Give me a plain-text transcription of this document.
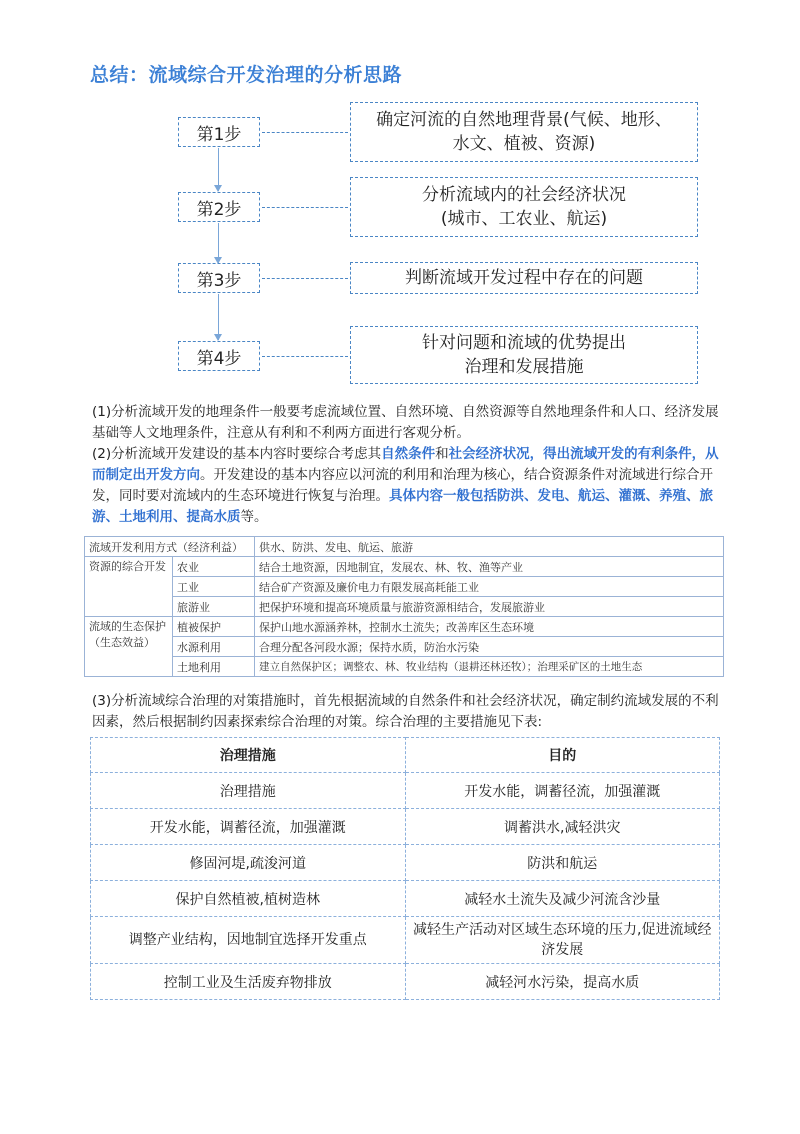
总结：流域综合开发治理的分析思路
第1步
确定河流的自然地理背景(气候、地形、
水文、植被、资源)
第2步
分析流域内的社会经济状况
(城市、工农业、航运)
第3步	判断流域开发过程中存在的问题
第4步
针对问题和流域的优势提出
治理和发展措施
(1)分析流域开发的地理条件一般要考虑流域位置、自然环境、自然资源等自然地理条件和人口、经济发展基础等人文地理条件，注意从有利和不利两方面进行客观分析。
(2)分析流域开发建设的基本内容时要综合考虑其自然条件和社会经济状况，得出流域开发的有利条件，从而制定出开发方向。开发建设的基本内容应以河流的利用和治理为核心，结合资源条件对流域进行综合开发，同时要对流域内的生态环境进行恢复与治理。具体内容一般包括防洪、发电、航运、灌溉、养殖、旅游、土地利用、提高水质等。
流域开发利用方式（经济利益）		供水、防洪、发电、航运、旅游
资源的综合开发	农业	结合土地资源，因地制宜，发展农、林、牧、渔等产业
	工业	结合矿产资源及廉价电力有限发展高耗能工业
	旅游业	把保护环境和提高环境质量与旅游资源相结合，发展旅游业
流域的生态保护（生态效益）	植被保护	保护山地水源涵养林，控制水土流失；改善库区生态环境
	水源利用	合理分配各河段水源；保持水质，防治水污染
	土地利用	建立自然保护区；调整农、林、牧业结构（退耕还林还牧）；治理采矿区的土地生态
(3)分析流域综合治理的对策措施时，首先根据流域的自然条件和社会经济状况，确定制约流域发展的不利因素，然后根据制约因素探索综合治理的对策。综合治理的主要措施见下表:
治理措施	目的
治理措施	开发水能，调蓄径流，加强灌溉
开发水能，调蓄径流，加强灌溉	调蓄洪水,减轻洪灾
修固河堤,疏浚河道	防洪和航运
保护自然植被,植树造林	减轻水土流失及减少河流含沙量
调整产业结构，因地制宜选择开发重点	减轻生产活动对区域生态环境的压力,促进流域经济发展
控制工业及生活废弃物排放	减轻河水污染，提高水质
